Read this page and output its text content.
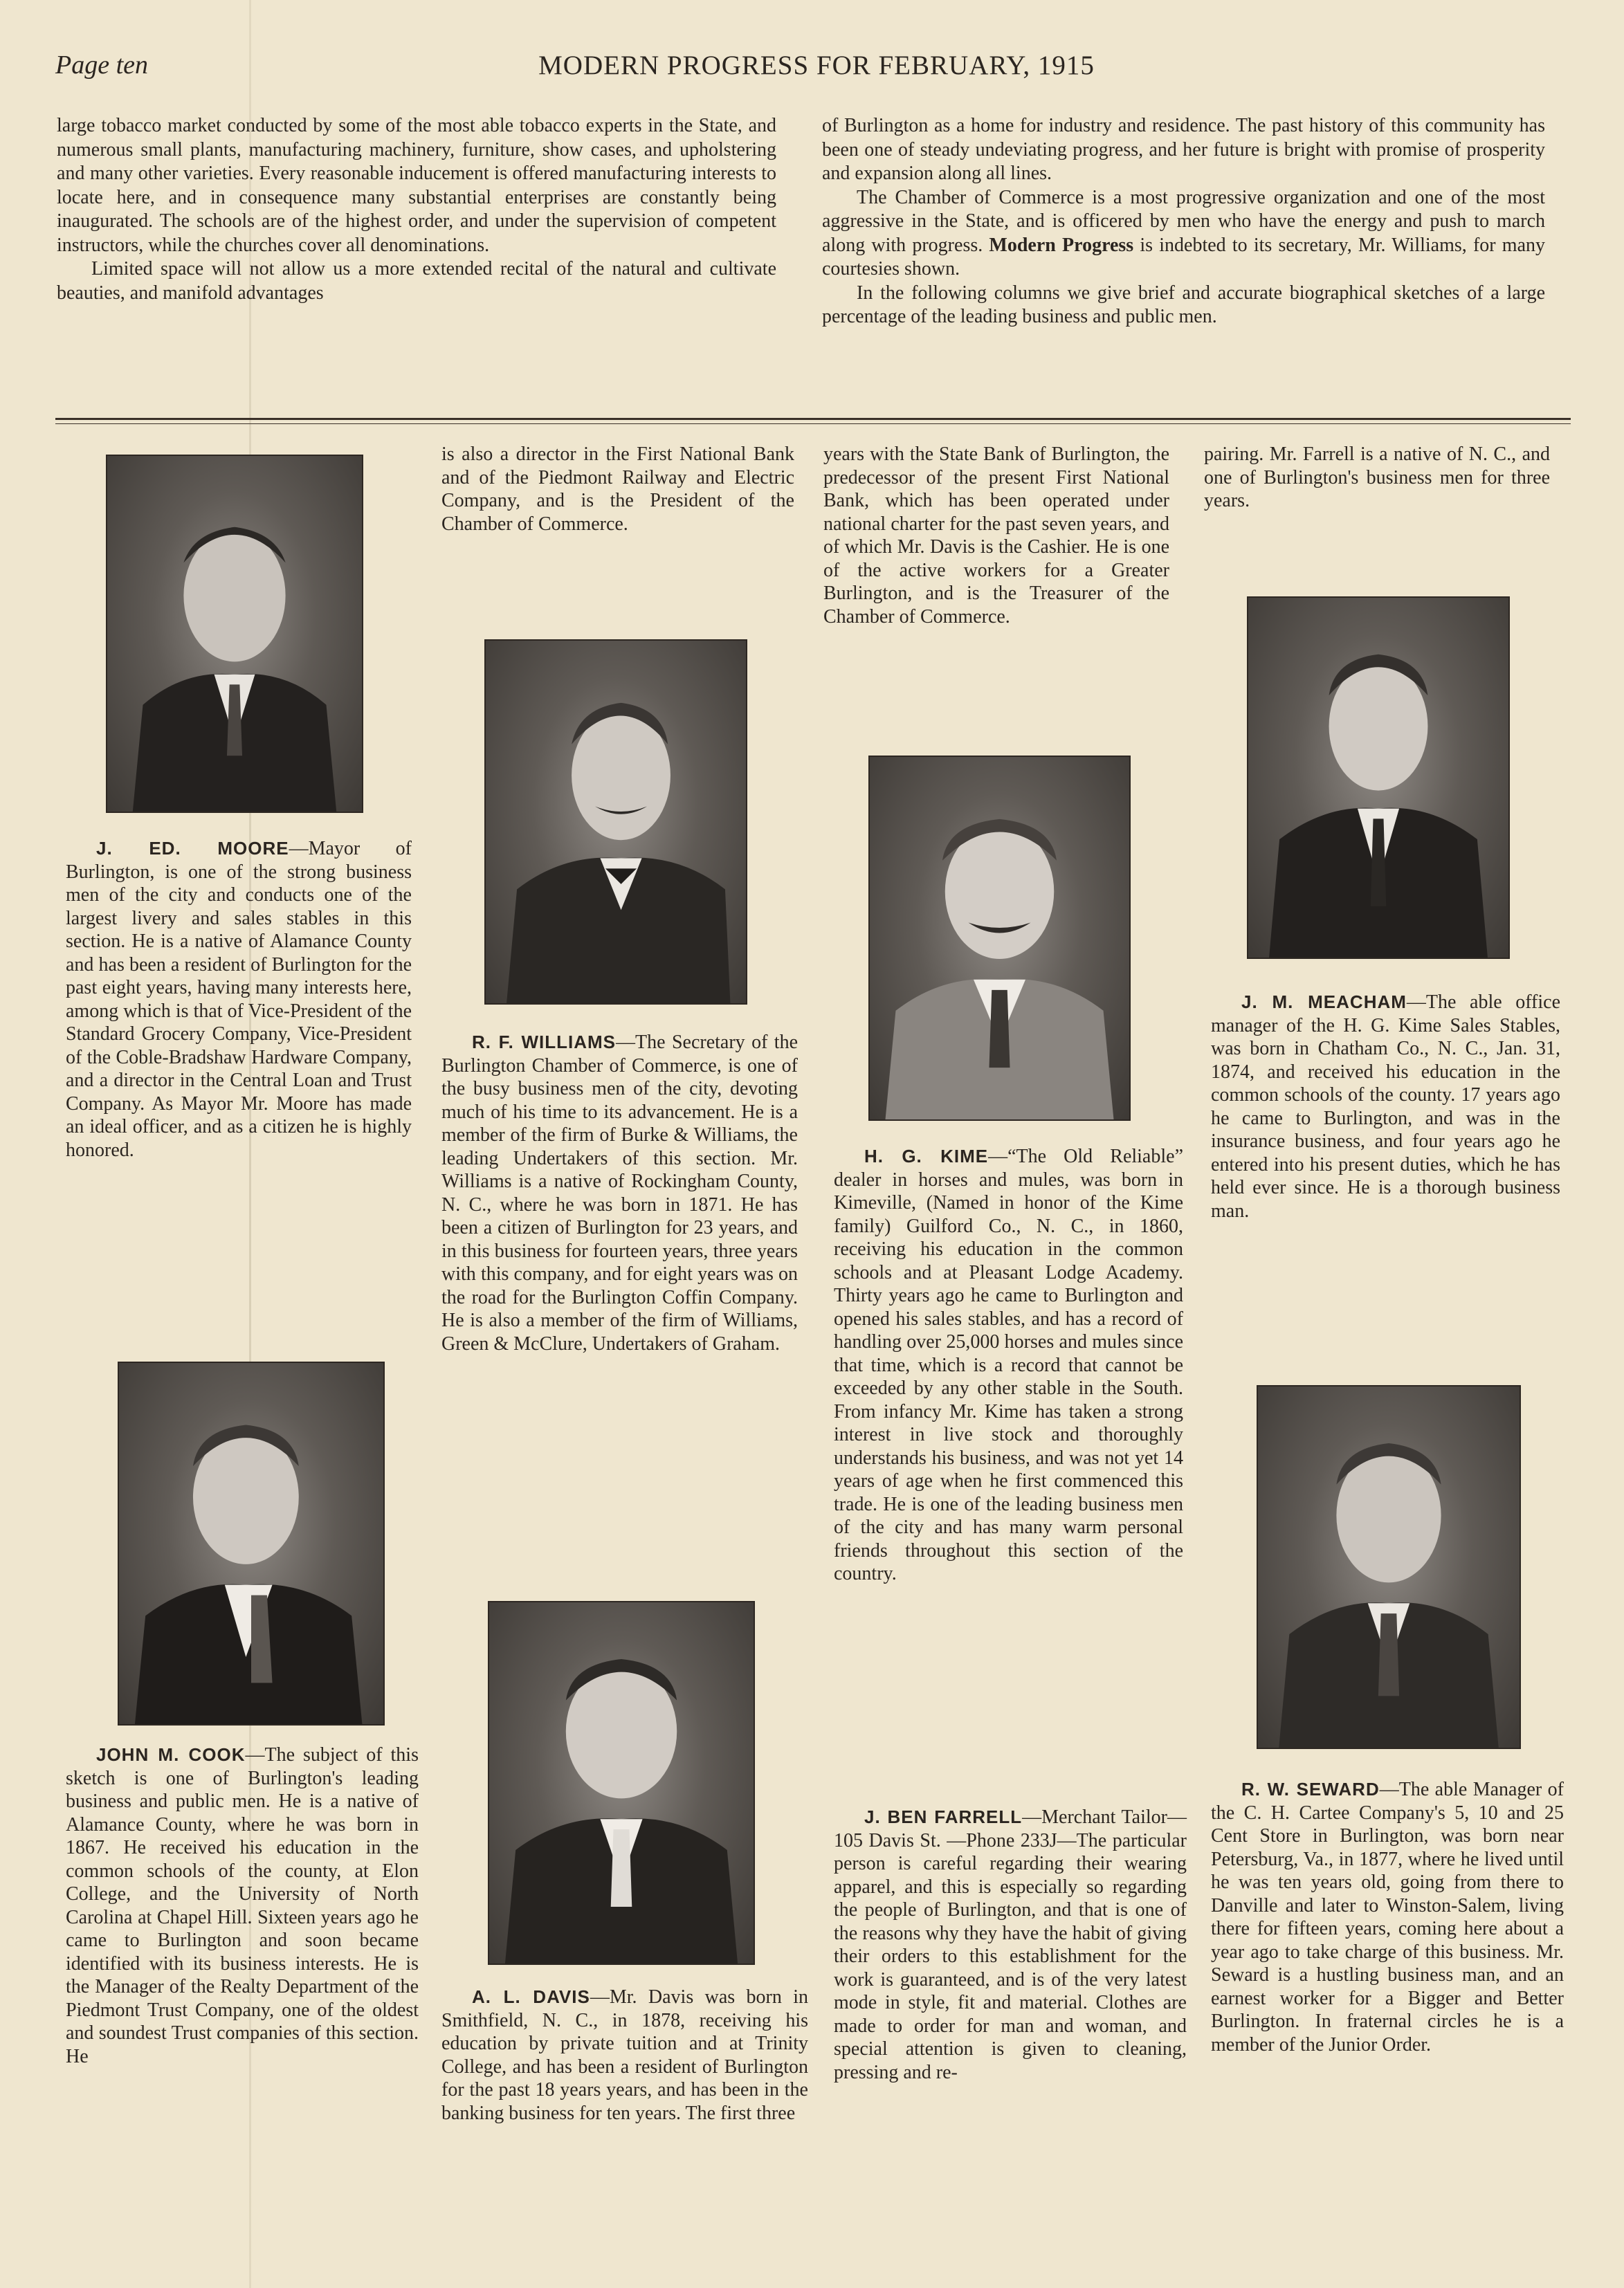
Page ten	MODERN PROGRESS FOR FEBRUARY, 1915

large tobacco market conducted by some of the most able tobacco experts in the State, and numerous small plants, manufacturing machinery, furniture, show cases, and upholstering and many other varieties. Every reasonable inducement is offered manufacturing interests to locate here, and in consequence many substantial enterprises are constantly being inaugurated. The schools are of the highest order, and under the supervision of competent instructors, while the churches cover all denominations.

Limited space will not allow us a more extended recital of the natural and cultivate beauties, and manifold advantages

of Burlington as a home for industry and residence. The past history of this community has been one of steady undeviating progress, and her future is bright with promise of prosperity and expansion along all lines.

The Chamber of Commerce is a most progressive organization and one of the most aggressive in the State, and is officered by men who have the energy and push to march along with progress. Modern Progress is indebted to its secretary, Mr. Williams, for many courtesies shown.

In the following columns we give brief and accurate biographical sketches of a large percentage of the leading business and public men.

J. ED. MOORE—Mayor of Burlington, is one of the strong business men of the city and conducts one of the largest livery and sales stables in this section. He is a native of Alamance County and has been a resident of Burlington for the past eight years, having many interests here, among which is that of Vice-President of the Standard Grocery Company, Vice-President of the Coble-Bradshaw Hardware Company, and a director in the Central Loan and Trust Company. As Mayor Mr. Moore has made an ideal officer, and as a citizen he is highly honored.

JOHN M. COOK—The subject of this sketch is one of Burlington's leading business and public men. He is a native of Alamance County, where he was born in 1867. He received his education in the common schools of the county, at Elon College, and the University of North Carolina at Chapel Hill. Sixteen years ago he came to Burlington and soon became identified with its business interests. He is the Manager of the Realty Department of the Piedmont Trust Company, one of the oldest and soundest Trust companies of this section. He

is also a director in the First National Bank and of the Piedmont Railway and Electric Company, and is the President of the Chamber of Commerce.

R. F. WILLIAMS—The Secretary of the Burlington Chamber of Commerce, is one of the busy business men of the city, devoting much of his time to its advancement. He is a member of the firm of Burke & Williams, the leading Undertakers of this section. Mr. Williams is a native of Rockingham County, N. C., where he was born in 1871. He has been a citizen of Burlington for 23 years, and in this business for fourteen years, three years with this company, and for eight years was on the road for the Burlington Coffin Company. He is also a member of the firm of Williams, Green & McClure, Undertakers of Graham.

A. L. DAVIS—Mr. Davis was born in Smithfield, N. C., in 1878, receiving his education by private tuition and at Trinity College, and has been a resident of Burlington for the past 18 years years, and has been in the banking business for ten years. The first three

years with the State Bank of Burlington, the predecessor of the present First National Bank, which has been operated under national charter for the past seven years, and of which Mr. Davis is the Cashier. He is one of the active workers for a Greater Burlington, and is the Treasurer of the Chamber of Commerce.

H. G. KIME—“The Old Reliable” dealer in horses and mules, was born in Kimeville, (Named in honor of the Kime family) Guilford Co., N. C., in 1860, receiving his education in the common schools and at Pleasant Lodge Academy. Thirty years ago he came to Burlington and opened his sales stables, and has a record of handling over 25,000 horses and mules since that time, which is a record that cannot be exceeded by any other stable in the South. From infancy Mr. Kime has taken a strong interest in live stock and thoroughly understands his business, and was not yet 14 years of age when he first commenced this trade. He is one of the leading business men of the city and has many warm personal friends throughout this section of the country.

J. BEN FARRELL—Merchant Tailor—105 Davis St. —Phone 233J—The particular person is careful regarding their wearing apparel, and this is especially so regarding the people of Burlington, and that is one of the reasons why they have the habit of giving their orders to this establishment for the work is guaranteed, and is of the very latest mode in style, fit and material. Clothes are made to order for man and woman, and special attention is given to cleaning, pressing and re-

pairing. Mr. Farrell is a native of N. C., and one of Burlington's business men for three years.

J. M. MEACHAM—The able office manager of the H. G. Kime Sales Stables, was born in Chatham Co., N. C., Jan. 31, 1874, and received his education in the common schools of the county. 17 years ago he came to Burlington, and was in the insurance business, and four years ago he entered into his present duties, which he has held ever since. He is a thorough business man.

R. W. SEWARD—The able Manager of the C. H. Cartee Company's 5, 10 and 25 Cent Store in Burlington, was born near Petersburg, Va., in 1877, where he lived until he was ten years old, going from there to Danville and later to Winston-Salem, living there for fifteen years, coming here about a year ago to take charge of this business. Mr. Seward is a hustling business man, and an earnest worker for a Bigger and Better Burlington. In fraternal circles he is a member of the Junior Order.
